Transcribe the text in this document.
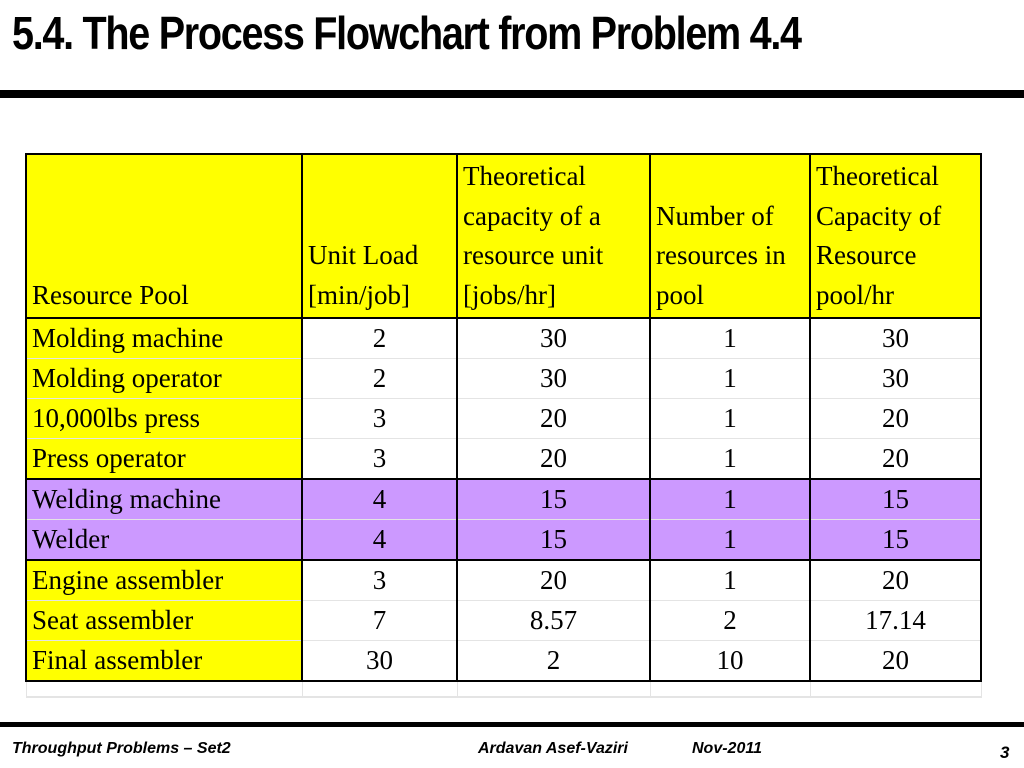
5.4. The Process Flowchart from Problem 4.4
Resource Pool	Unit Load [min/job]	Theoretical capacity of a resource unit [jobs/hr]	Number of resources in pool	Theoretical Capacity of Resource pool/hr
Molding machine	2	30	1	30
Molding operator	2	30	1	30
10,000lbs press	3	20	1	20
Press operator	3	20	1	20
Welding machine	4	15	1	15
Welder	4	15	1	15
Engine assembler	3	20	1	20
Seat assembler	7	8.57	2	17.14
Final assembler	30	2	10	20

Throughput Problems – Set2	Ardavan Asef-Vaziri	Nov-2011	3
